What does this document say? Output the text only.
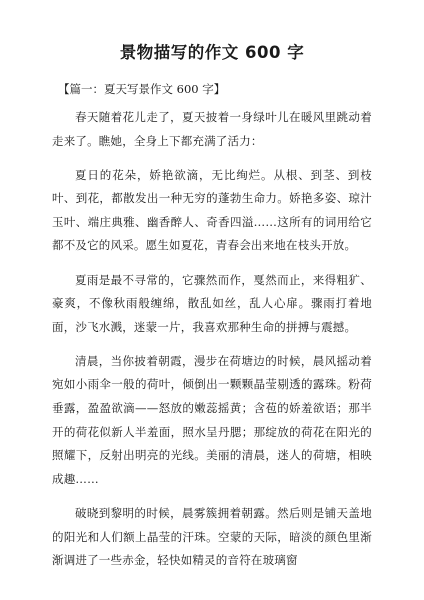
景物描写的作文 600 字
【篇一：夏天写景作文 600 字】

春天随着花儿走了，夏天披着一身绿叶儿在暖风里跳动着走来了。瞧她，全身上下都充满了活力：

夏日的花朵，娇艳欲滴，无比绚烂。从根、到茎、到枝叶、到花，都散发出一种无穷的蓬勃生命力。娇艳多姿、琼汁玉叶、端庄典雅、幽香醉人、奇香四溢……这所有的词用给它都不及它的风采。愿生如夏花，青春会出来地在枝头开放。

夏雨是最不寻常的，它骤然而作，戛然而止，来得粗犷、豪爽，不像秋雨般缠绵，散乱如丝，乱人心扉。骤雨打着地面，沙飞水溅，迷蒙一片，我喜欢那种生命的拼搏与震撼。

清晨，当你披着朝霞，漫步在荷塘边的时候，晨风摇动着宛如小雨伞一般的荷叶，倾倒出一颗颗晶莹剔透的露珠。粉荷垂露，盈盈欲滴——怒放的嫩蕊摇黄；含苞的娇羞欲语；那半开的荷花似新人半羞面，照水呈丹腮；那绽放的荷花在阳光的照耀下，反射出明亮的光线。美丽的清晨，迷人的荷塘，相映成趣……

破晓到黎明的时候，晨雾簇拥着朝露。然后则是铺天盖地的阳光和人们额上晶莹的汗珠。空蒙的天际，暗淡的颜色里渐渐调进了一些赤金，轻快如精灵的音符在玻璃窗
